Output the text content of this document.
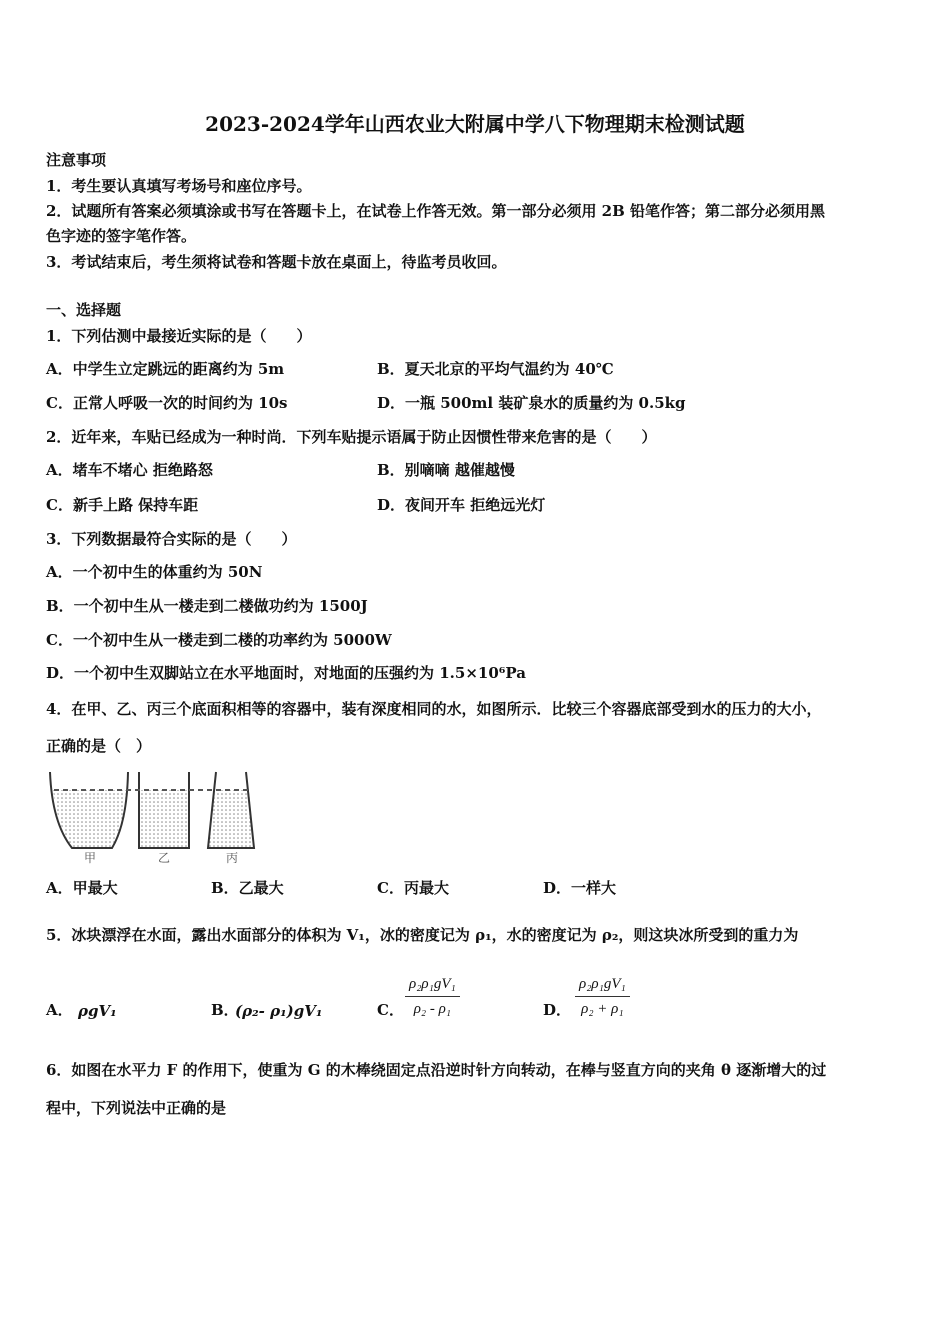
2023-2024学年山西农业大附属中学八下物理期末检测试题
注意事项
1．考生要认真填写考场号和座位序号。
2．试题所有答案必须填涂或书写在答题卡上，在试卷上作答无效。第一部分必须用 2B 铅笔作答；第二部分必须用黑
色字迹的签字笔作答。
3．考试结束后，考生须将试卷和答题卡放在桌面上，待监考员收回。
一、选择题
1．下列估测中最接近实际的是（　　）
A．中学生立定跳远的距离约为 5m	B．夏天北京的平均气温约为 40℃
C．正常人呼吸一次的时间约为 10s	D．一瓶 500ml 装矿泉水的质量约为 0.5kg
2．近年来，车贴已经成为一种时尚．下列车贴提示语属于防止因惯性带来危害的是（　　）
A．堵车不堵心 拒绝路怒	B．别嘀嘀 越催越慢
C．新手上路 保持车距	D．夜间开车 拒绝远光灯
3．下列数据最符合实际的是（　　）
A．一个初中生的体重约为 50N
B．一个初中生从一楼走到二楼做功约为 1500J
C．一个初中生从一楼走到二楼的功率约为 5000W
D．一个初中生双脚站立在水平地面时，对地面的压强约为 1.5×10⁶Pa
4．在甲、乙、丙三个底面积相等的容器中，装有深度相同的水，如图所示．比较三个容器底部受到水的压力的大小，
正确的是（　）
甲	乙	丙
A．甲最大	B．乙最大	C．丙最大	D．一样大
5．冰块漂浮在水面，露出水面部分的体积为 V₁，冰的密度记为 ρ₁，水的密度记为 ρ₂，则这块冰所受到的重力为
A． ρgV₁	B．
(ρ₂- ρ₁)gV₁	C． $\frac{\text{ρ₂ρ₁gV₁}}{\text{ρ₂ - ρ₁}}$	D． $\frac{\text{ρ₂ρ₁gV₁}}{\text{ρ₂ + ρ₁}}$
6．如图在水平力 F 的作用下，使重为 G 的木棒绕固定点沿逆时针方向转动，在棒与竖直方向的夹角 θ 逐渐增大的过
程中，下列说法中正确的是
